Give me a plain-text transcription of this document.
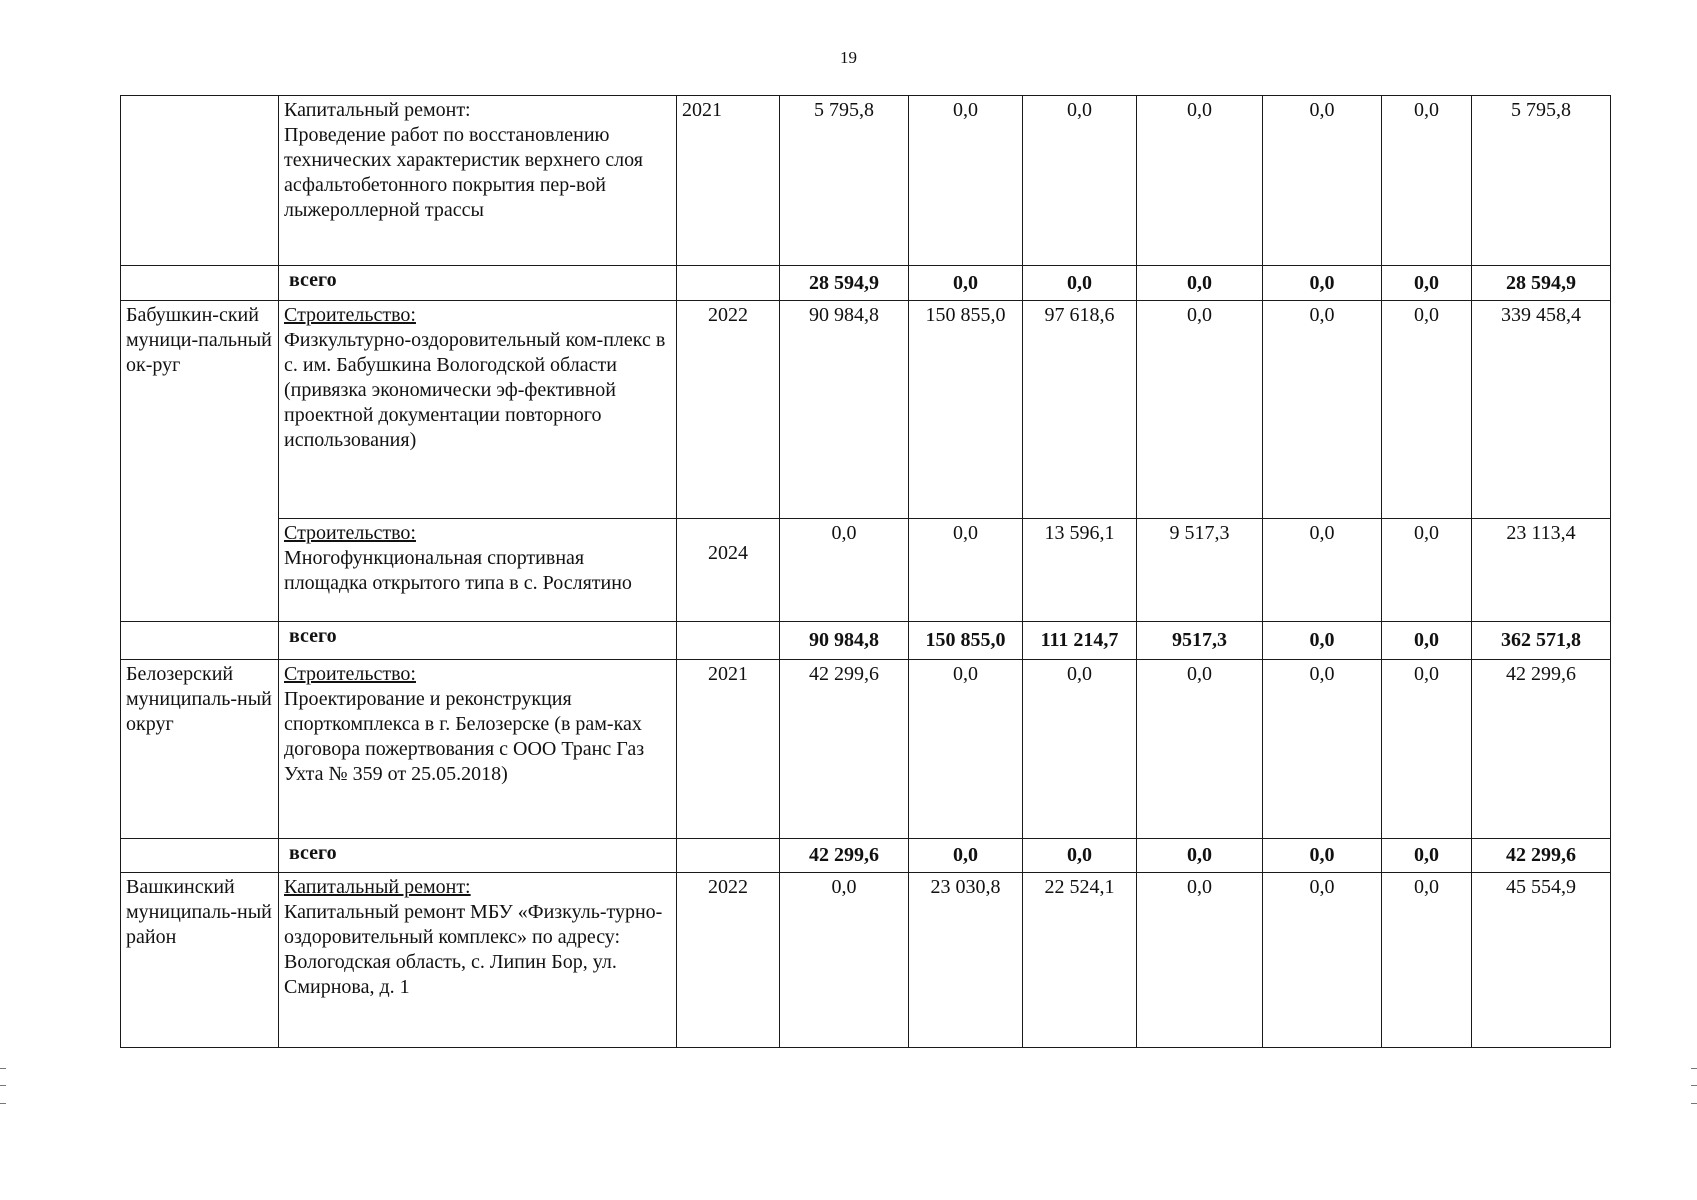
19

	Капитальный ремонт:
Проведение работ по восстановлению технических характеристик верхнего слоя асфальтобетонного покрытия пер-вой лыжероллерной трассы	2021	5 795,8	0,0	0,0	0,0	0,0	0,0	5 795,8
	всего		28 594,9	0,0	0,0	0,0	0,0	0,0	28 594,9
Бабушкин-ский муници-пальный ок-руг	Строительство:
Физкультурно-оздоровительный ком-плекс в с. им. Бабушкина Вологодской области (привязка экономически эф-фективной проектной документации повторного использования)	2022	90 984,8	150 855,0	97 618,6	0,0	0,0	0,0	339 458,4

	Строительство:
Многофункциональная спортивная площадка открытого типа в с. Рослятино	2024	0,0	0,0	13 596,1	9 517,3	0,0	0,0	23 113,4
	всего		90 984,8	150 855,0	111 214,7	9517,3	0,0	0,0	362 571,8
Белозерский муниципаль-ный округ	Строительство:
Проектирование и реконструкция спорткомплекса в г. Белозерске (в рам-ках договора пожертвования с ООО Транс Газ Ухта № 359 от 25.05.2018)	2021	42 299,6	0,0	0,0	0,0	0,0	0,0	42 299,6
	всего		42 299,6	0,0	0,0	0,0	0,0	0,0	42 299,6
Вашкинский муниципаль-ный район	Капитальный ремонт:
Капитальный ремонт МБУ «Физкуль-турно-оздоровительный комплекс» по адресу: Вологодская область, с. Липин Бор, ул. Смирнова, д. 1	2022	0,0	23 030,8	22 524,1	0,0	0,0	0,0	45 554,9
